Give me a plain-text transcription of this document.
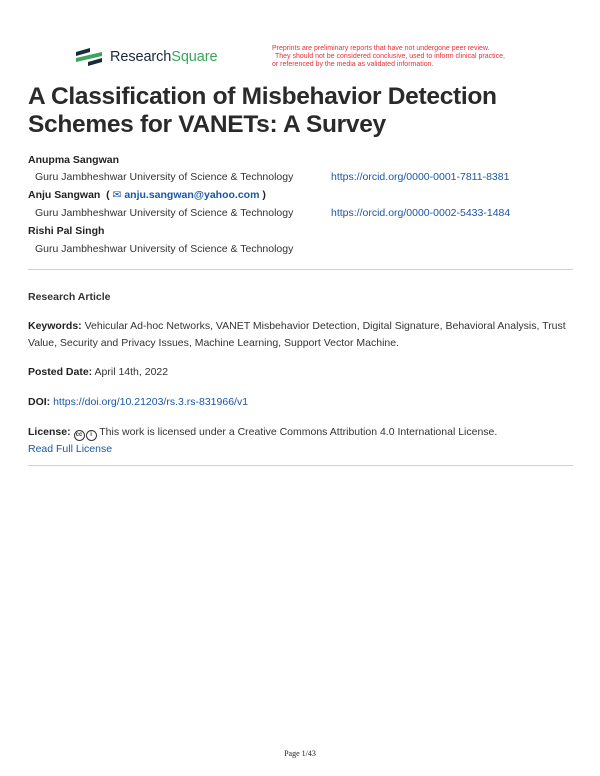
ResearchSquare
Preprints are preliminary reports that have not undergone peer review.
They should not be considered conclusive, used to inform clinical practice,
or referenced by the media as validated information.
A Classification of Misbehavior Detection Schemes for VANETs: A Survey
Anupma Sangwan
Guru Jambheshwar University of Science & Technology	https://orcid.org/0000-0001-7811-8381
Anju Sangwan  ( ✉ anju.sangwan@yahoo.com )
Guru Jambheshwar University of Science & Technology	https://orcid.org/0000-0002-5433-1484
Rishi Pal Singh
Guru Jambheshwar University of Science & Technology
Research Article
Keywords: Vehicular Ad-hoc Networks, VANET Misbehavior Detection, Digital Signature, Behavioral Analysis, Trust Value, Security and Privacy Issues, Machine Learning, Support Vector Machine.
Posted Date: April 14th, 2022
DOI: https://doi.org/10.21203/rs.3.rs-831966/v1
License: cc i This work is licensed under a Creative Commons Attribution 4.0 International License.
Read Full License
Page 1/43
